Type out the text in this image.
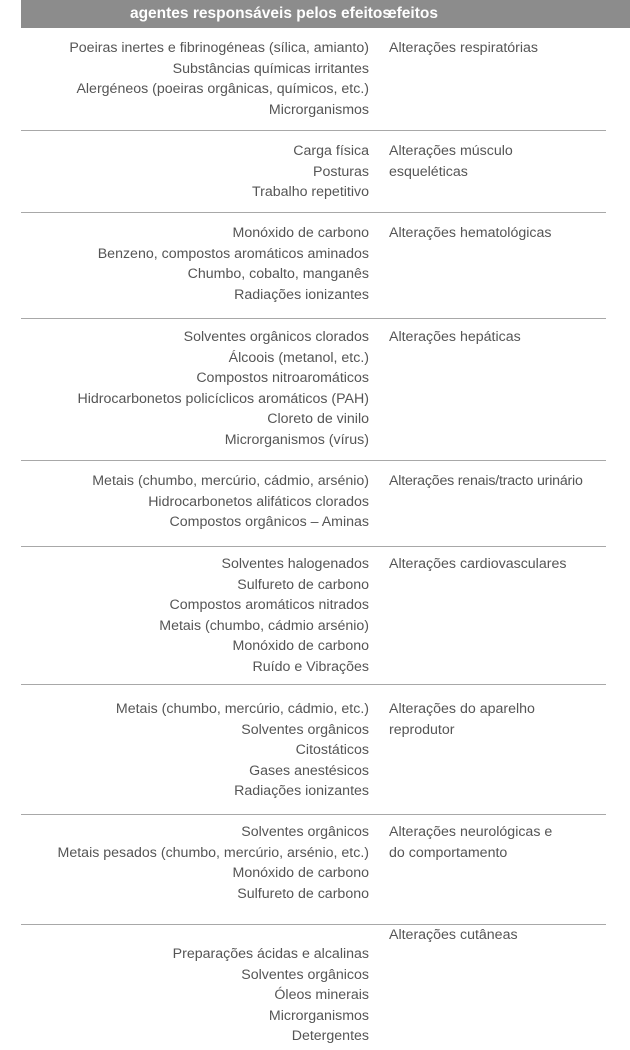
agentes responsáveis pelos efeitos
efeitos
Poeiras inertes e fibrinogéneas (sílica, amianto)
Substâncias químicas irritantes
Alergéneos (poeiras orgânicas, químicos, etc.)
Microrganismos
Alterações respiratórias
Carga física
Posturas
Trabalho repetitivo
Alterações músculo esqueléticas
Monóxido de carbono
Benzeno, compostos aromáticos aminados
Chumbo, cobalto, manganês
Radiações ionizantes
Alterações hematológicas
Solventes orgânicos clorados
Álcoois (metanol, etc.)
Compostos nitroaromáticos
Hidrocarbonetos policíclicos aromáticos (PAH)
Cloreto de vinilo
Microrganismos (vírus)
Alterações hepáticas
Metais (chumbo, mercúrio, cádmio, arsénio)
Hidrocarbonetos alifáticos clorados
Compostos orgânicos – Aminas
Alterações renais/tracto urinário
Solventes halogenados
Sulfureto de carbono
Compostos aromáticos nitrados
Metais (chumbo, cádmio arsénio)
Monóxido de carbono
Ruído e Vibrações
Alterações cardiovasculares
Metais (chumbo, mercúrio, cádmio, etc.)
Solventes orgânicos
Citostáticos
Gases anestésicos
Radiações ionizantes
Alterações do aparelho reprodutor
Solventes orgânicos
Metais pesados (chumbo, mercúrio, arsénio, etc.)
Monóxido de carbono
Sulfureto de carbono
Alterações neurológicas e do comportamento
Preparações ácidas e alcalinas
Solventes orgânicos
Óleos minerais
Microrganismos
Detergentes
Alterações cutâneas
